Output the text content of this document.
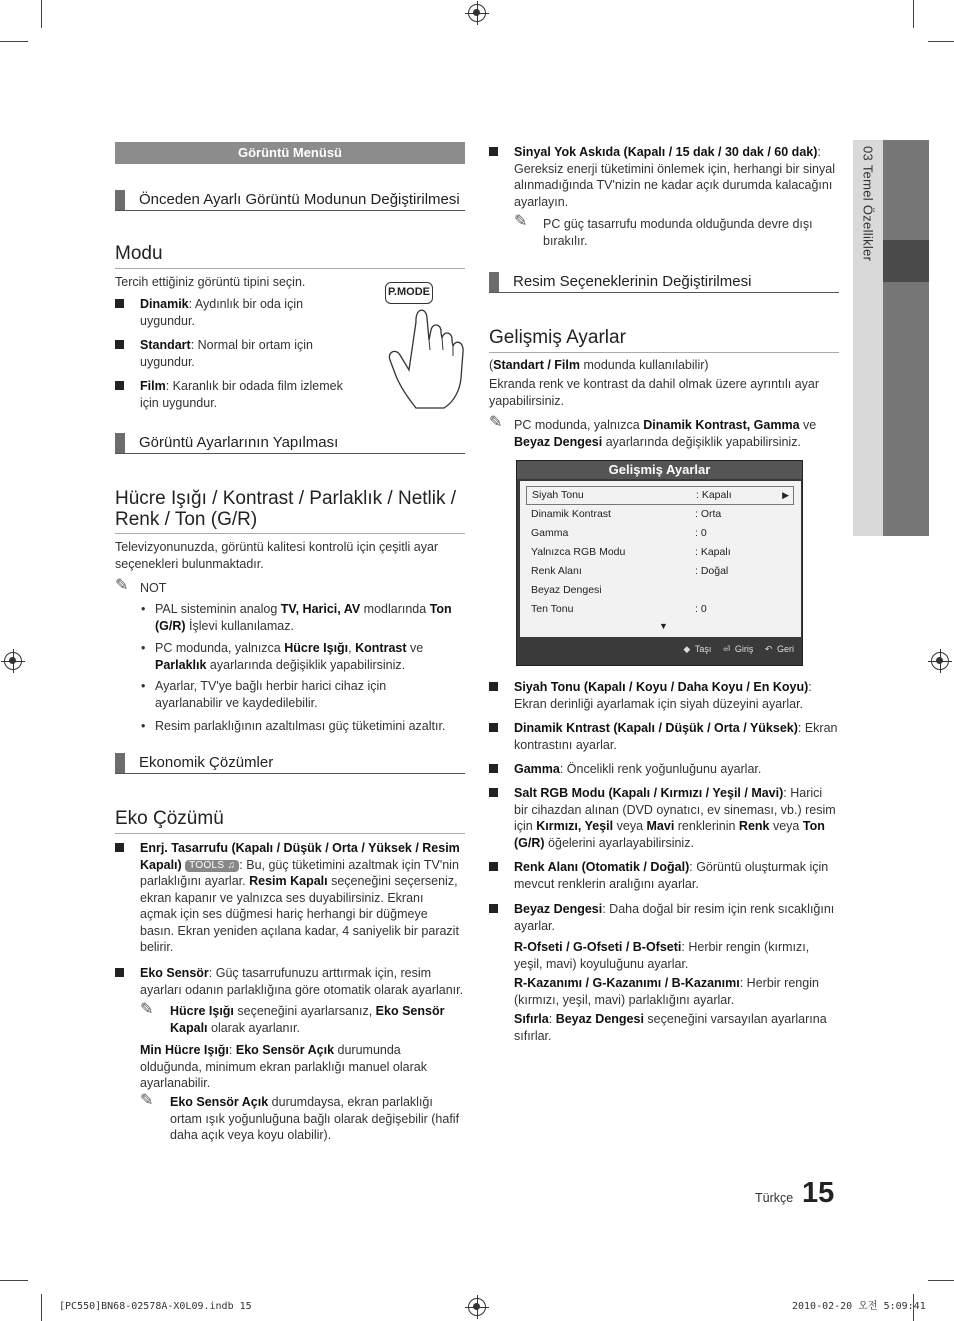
Görüntü Menüsü
Önceden Ayarlı Görüntü Modunun Değiştirilmesi
Modu
Tercih ettiğiniz görüntü tipini seçin.
Dinamik: Aydınlık bir oda için uygundur.
Standart: Normal bir ortam için uygundur.
Film: Karanlık bir odada film izlemek için uygundur.
P.MODE
Görüntü Ayarlarının Yapılması
Hücre Işığı / Kontrast / Parlaklık / Netlik /
Renk / Ton (G/R)
Televizyonunuzda, görüntü kalitesi kontrolü için çeşitli ayar seçenekleri bulunmaktadır.
✎ NOT
• PAL sisteminin analog TV, Harici, AV modlarında Ton (G/R) İşlevi kullanılamaz.
• PC modunda, yalnızca Hücre Işığı, Kontrast ve Parlaklık ayarlarında değişiklik yapabilirsiniz.
• Ayarlar, TV'ye bağlı herbir harici cihaz için ayarlanabilir ve kaydedilebilir.
• Resim parlaklığının azaltılması güç tüketimini azaltır.
Ekonomik Çözümler
Eko Çözümü
Enrj. Tasarrufu (Kapalı / Düşük / Orta / Yüksek / Resim Kapalı) TOOLS ♫ : Bu, güç tüketimini azaltmak için TV'nin parlaklığını ayarlar. Resim Kapalı seçeneğini seçerseniz, ekran kapanır ve yalnızca ses duyabilirsiniz. Ekranı açmak için ses düğmesi hariç herhangi bir düğmeye basın. Ekran yeniden açılana kadar, 4 saniyelik bir parazit belirir.
Eko Sensör: Güç tasarrufunuzu arttırmak için, resim ayarları odanın parlaklığına göre otomatik olarak ayarlanır.
✎ Hücre Işığı seçeneğini ayarlarsanız, Eko Sensör Kapalı olarak ayarlanır.
Min Hücre Işığı: Eko Sensör Açık durumunda olduğunda, minimum ekran parlaklığı manuel olarak ayarlanabilir.
✎ Eko Sensör Açık durumdaysa, ekran parlaklığı ortam ışık yoğunluğuna bağlı olarak değişebilir (hafif daha açık veya koyu olabilir).
Sinyal Yok Askıda (Kapalı / 15 dak / 30 dak / 60 dak):
Gereksiz enerji tüketimini önlemek için, herhangi bir sinyal alınmadığında TV'nizin ne kadar açık durumda kalacağını ayarlayın.
✎ PC güç tasarrufu modunda olduğunda devre dışı bırakılır.
Resim Seçeneklerinin Değiştirilmesi
Gelişmiş Ayarlar
(Standart / Film modunda kullanılabilir)
Ekranda renk ve kontrast da dahil olmak üzere ayrıntılı ayar yapabilirsiniz.
✎ PC modunda, yalnızca Dinamik Kontrast, Gamma ve Beyaz Dengesi ayarlarında değişiklik yapabilirsiniz.
Gelişmiş Ayarlar
Siyah Tonu	: Kapalı	▶
Dinamik Kontrast	: Orta
Gamma	: 0
Yalnızca RGB Modu	: Kapalı
Renk Alanı	: Doğal
Beyaz Dengesi
Ten Tonu	: 0
▼
◆ Taşı ⏎ Giriş ↶ Geri
Siyah Tonu (Kapalı / Koyu / Daha Koyu / En Koyu): Ekran derinliği ayarlamak için siyah düzeyini ayarlar.
Dinamik Kntrast (Kapalı / Düşük / Orta / Yüksek): Ekran kontrastını ayarlar.
Gamma: Öncelikli renk yoğunluğunu ayarlar.
Salt RGB Modu (Kapalı / Kırmızı / Yeşil / Mavi): Harici bir cihazdan alınan (DVD oynatıcı, ev sineması, vb.) resim için Kırmızı, Yeşil veya Mavi renklerinin Renk veya Ton (G/R) öğelerini ayarlayabilirsiniz.
Renk Alanı (Otomatik / Doğal): Görüntü oluşturmak için mevcut renklerin aralığını ayarlar.
Beyaz Dengesi: Daha doğal bir resim için renk sıcaklığını ayarlar.
R-Ofseti / G-Ofseti / B-Ofseti: Herbir rengin (kırmızı, yeşil, mavi) koyuluğunu ayarlar.
R-Kazanımı / G-Kazanımı / B-Kazanımı: Herbir rengin (kırmızı, yeşil, mavi) parlaklığını ayarlar.
Sıfırla: Beyaz Dengesi seçeneğini varsayılan ayarlarına sıfırlar.
03 Temel Özellikler
Türkçe 15
[PC550]BN68-02578A-X0L09.indb 15	2010-02-20 오전 5:09:41
